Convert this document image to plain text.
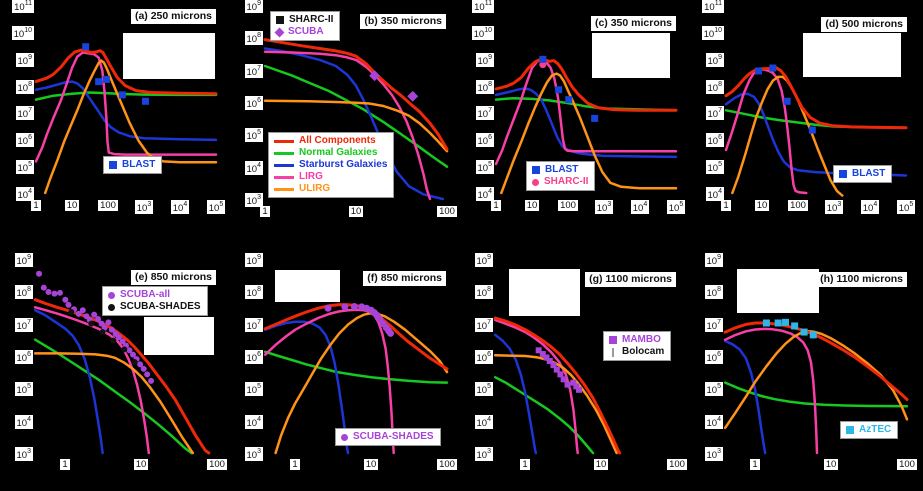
$10^{11}$
$10^{10}$
$10^9$
$10^8$
$10^7$
$10^6$
$10^5$
$10^4$
1	10	100	$10^3$	$10^4$	$10^5$
(a) 250 microns
BLAST
$10^9$
$10^8$
$10^7$
$10^6$
$10^5$
$10^4$
$10^3$
1	10	100
(b) 350 microns
SHARC-II
SCUBA
All Components
Normal Galaxies
Starburst Galaxies
LIRG
ULIRG
$10^{11}$
$10^{10}$
$10^9$
$10^8$
$10^7$
$10^6$
$10^5$
$10^4$
1	10	100	$10^3$	$10^4$	$10^5$
(c) 350 microns
BLAST
SHARC-II
$10^{11}$
$10^{10}$
$10^9$
$10^8$
$10^7$
$10^6$
$10^5$
$10^4$
1	10	100	$10^3$	$10^4$	$10^5$
(d) 500 microns
BLAST
$10^9$
$10^8$
$10^7$
$10^6$
$10^5$
$10^4$
$10^3$
1	10	100
(e) 850 microns
SCUBA-all
SCUBA-SHADES
$10^9$
$10^8$
$10^7$
$10^6$
$10^5$
$10^4$
$10^3$
1	10	100
(f) 850 microns
SCUBA-SHADES
$10^9$
$10^8$
$10^7$
$10^6$
$10^5$
$10^4$
$10^3$
1	10	100
(g) 1100 microns
MAMBO
Bolocam
$10^9$
$10^8$
$10^7$
$10^6$
$10^5$
$10^4$
$10^3$
1	10	100
(h) 1100 microns
AzTEC
